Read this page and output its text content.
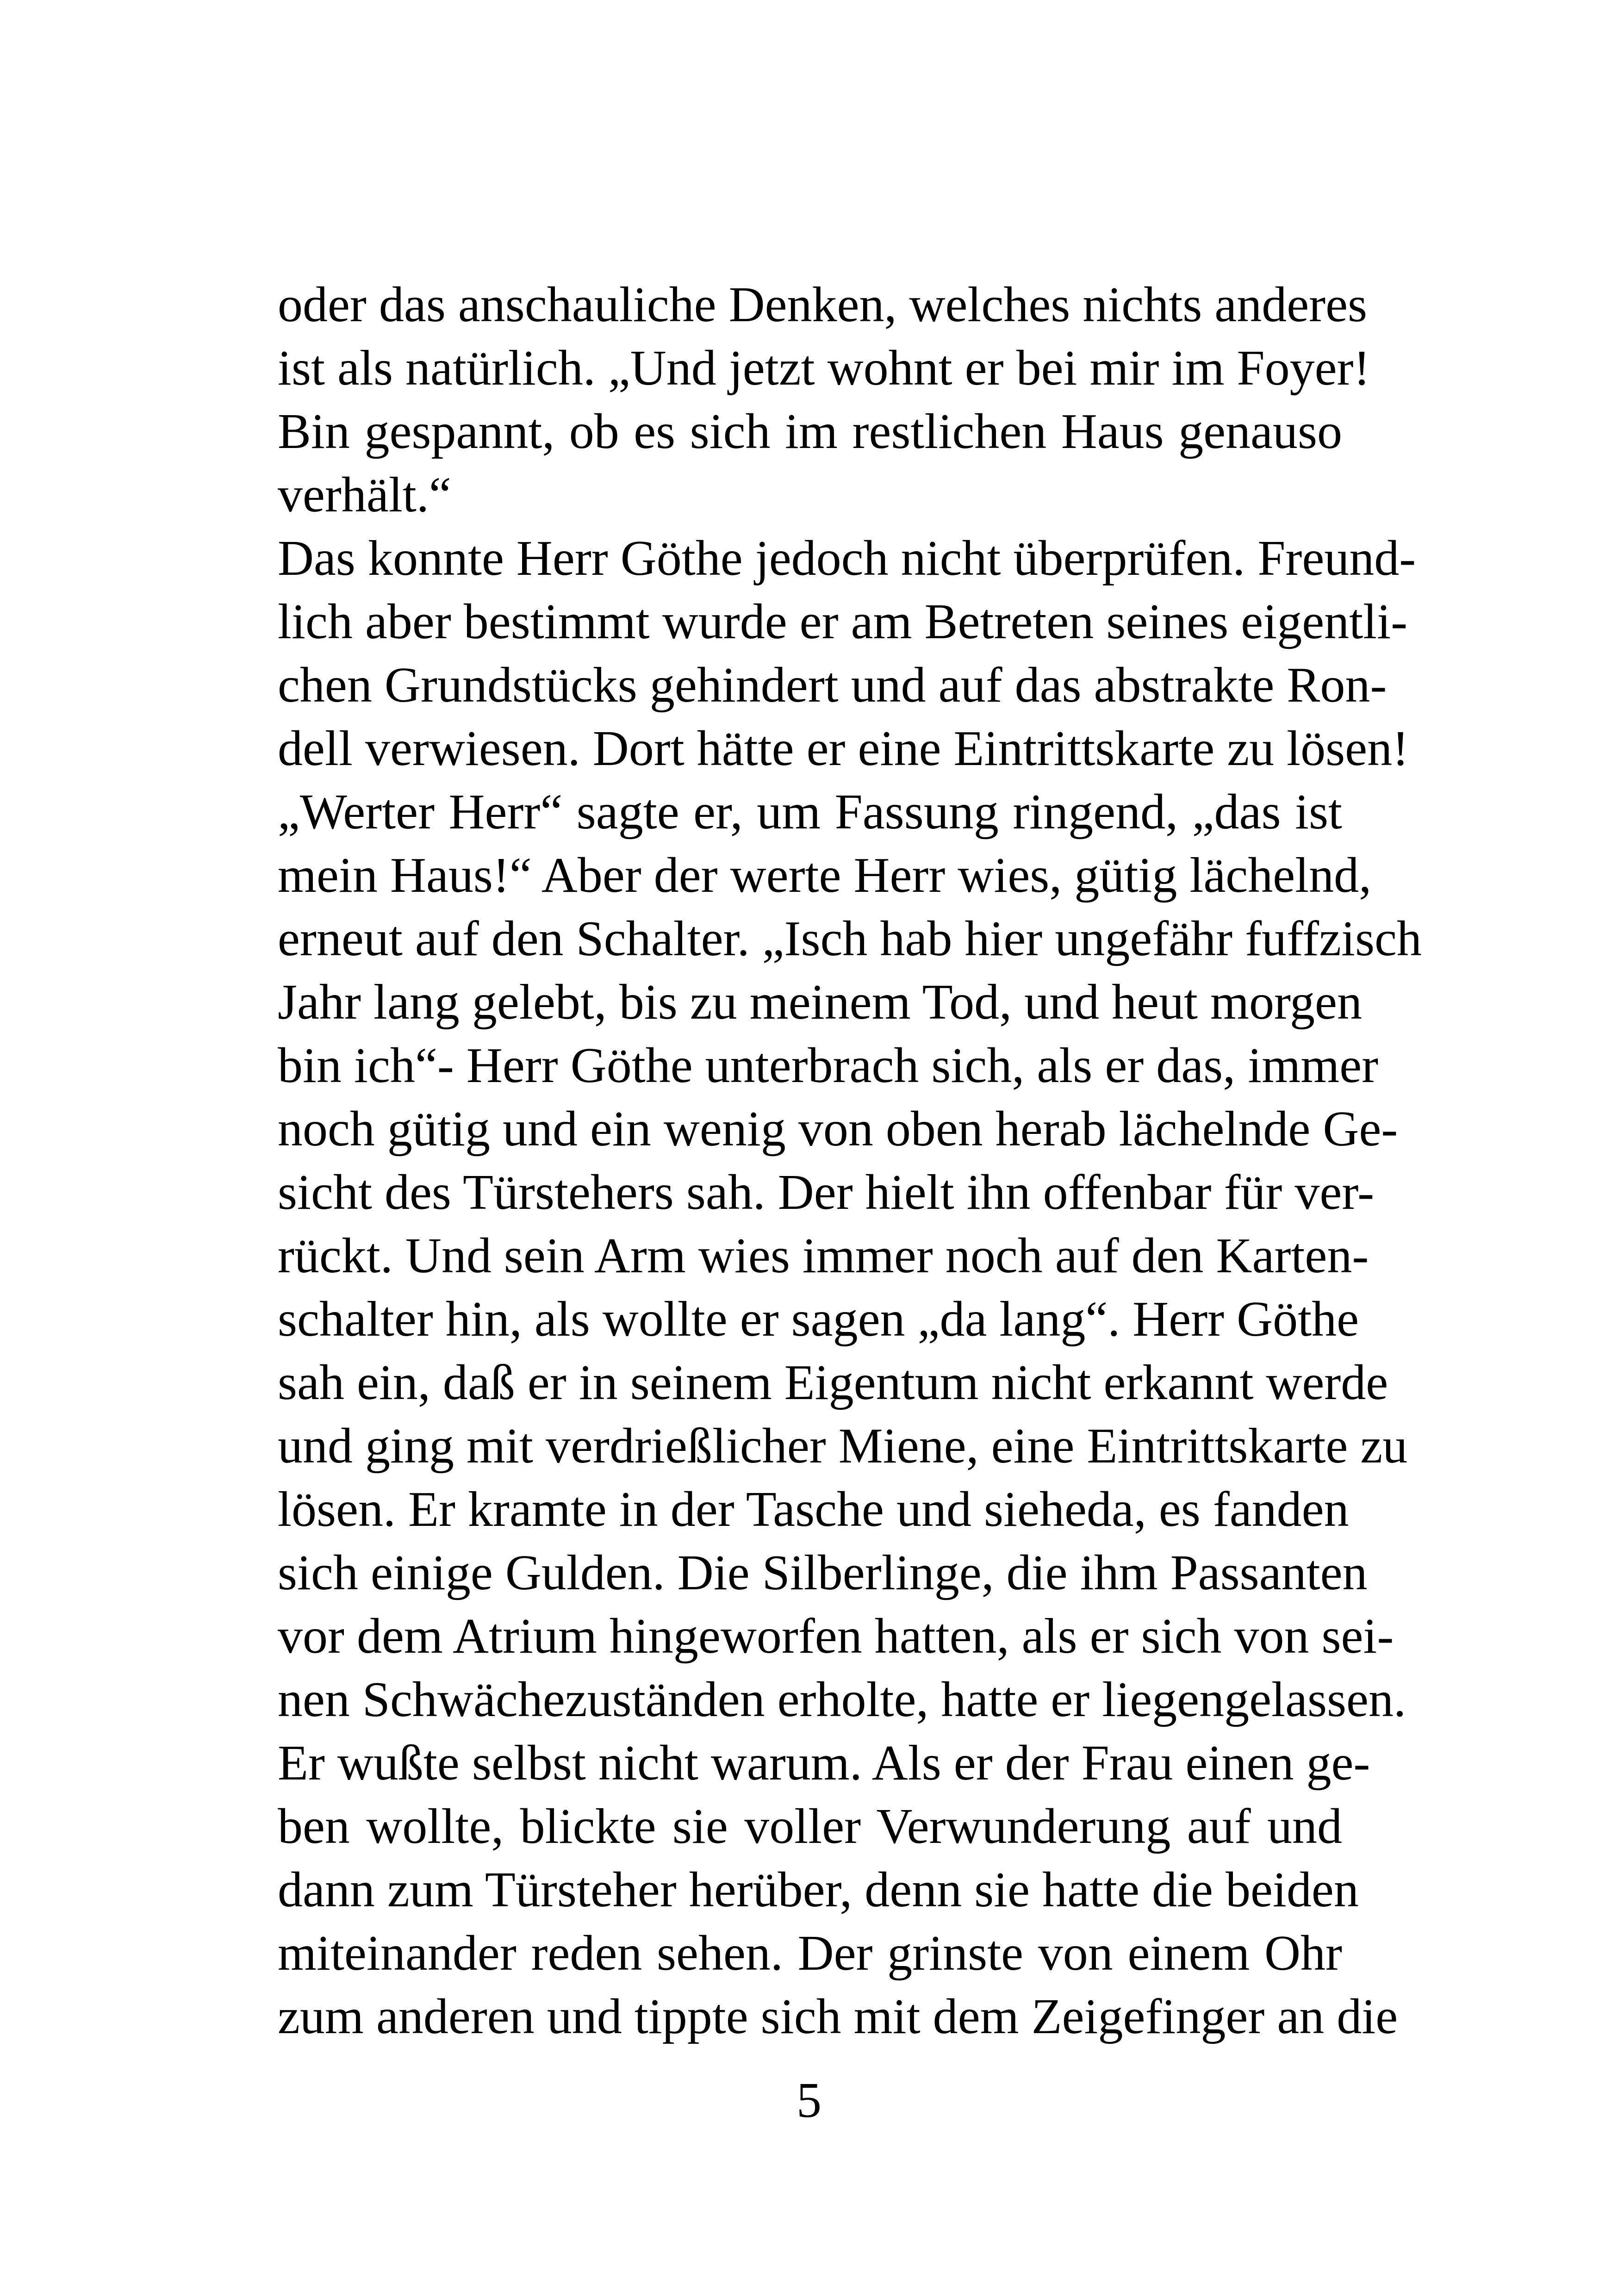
oder das anschauliche Denken, welches nichts anderes
ist als natürlich. „Und jetzt wohnt er bei mir im Foyer!
Bin gespannt, ob es sich im restlichen Haus genauso
verhält.“
Das konnte Herr Göthe jedoch nicht überprüfen. Freund-
lich aber bestimmt wurde er am Betreten seines eigentli-
chen Grundstücks gehindert und auf das abstrakte Ron-
dell verwiesen. Dort hätte er eine Eintrittskarte zu lösen!
„Werter Herr“ sagte er, um Fassung ringend, „das ist
mein Haus!“ Aber der werte Herr wies, gütig lächelnd,
erneut auf den Schalter. „Isch hab hier ungefähr fuffzisch
Jahr lang gelebt, bis zu meinem Tod, und heut morgen
bin ich“- Herr Göthe unterbrach sich, als er das, immer
noch gütig und ein wenig von oben herab lächelnde Ge-
sicht des Türstehers sah. Der hielt ihn offenbar für ver-
rückt. Und sein Arm wies immer noch auf den Karten-
schalter hin, als wollte er sagen „da lang“. Herr Göthe
sah ein, daß er in seinem Eigentum nicht erkannt werde
und ging mit verdrießlicher Miene, eine Eintrittskarte zu
lösen. Er kramte in der Tasche und sieheda, es fanden
sich einige Gulden. Die Silberlinge, die ihm Passanten
vor dem Atrium hingeworfen hatten, als er sich von sei-
nen Schwächezuständen erholte, hatte er liegengelassen.
Er wußte selbst nicht warum. Als er der Frau einen ge-
ben wollte, blickte sie voller Verwunderung auf und
dann zum Türsteher herüber, denn sie hatte die beiden
miteinander reden sehen. Der grinste von einem Ohr
zum anderen und tippte sich mit dem Zeigefinger an die
5
